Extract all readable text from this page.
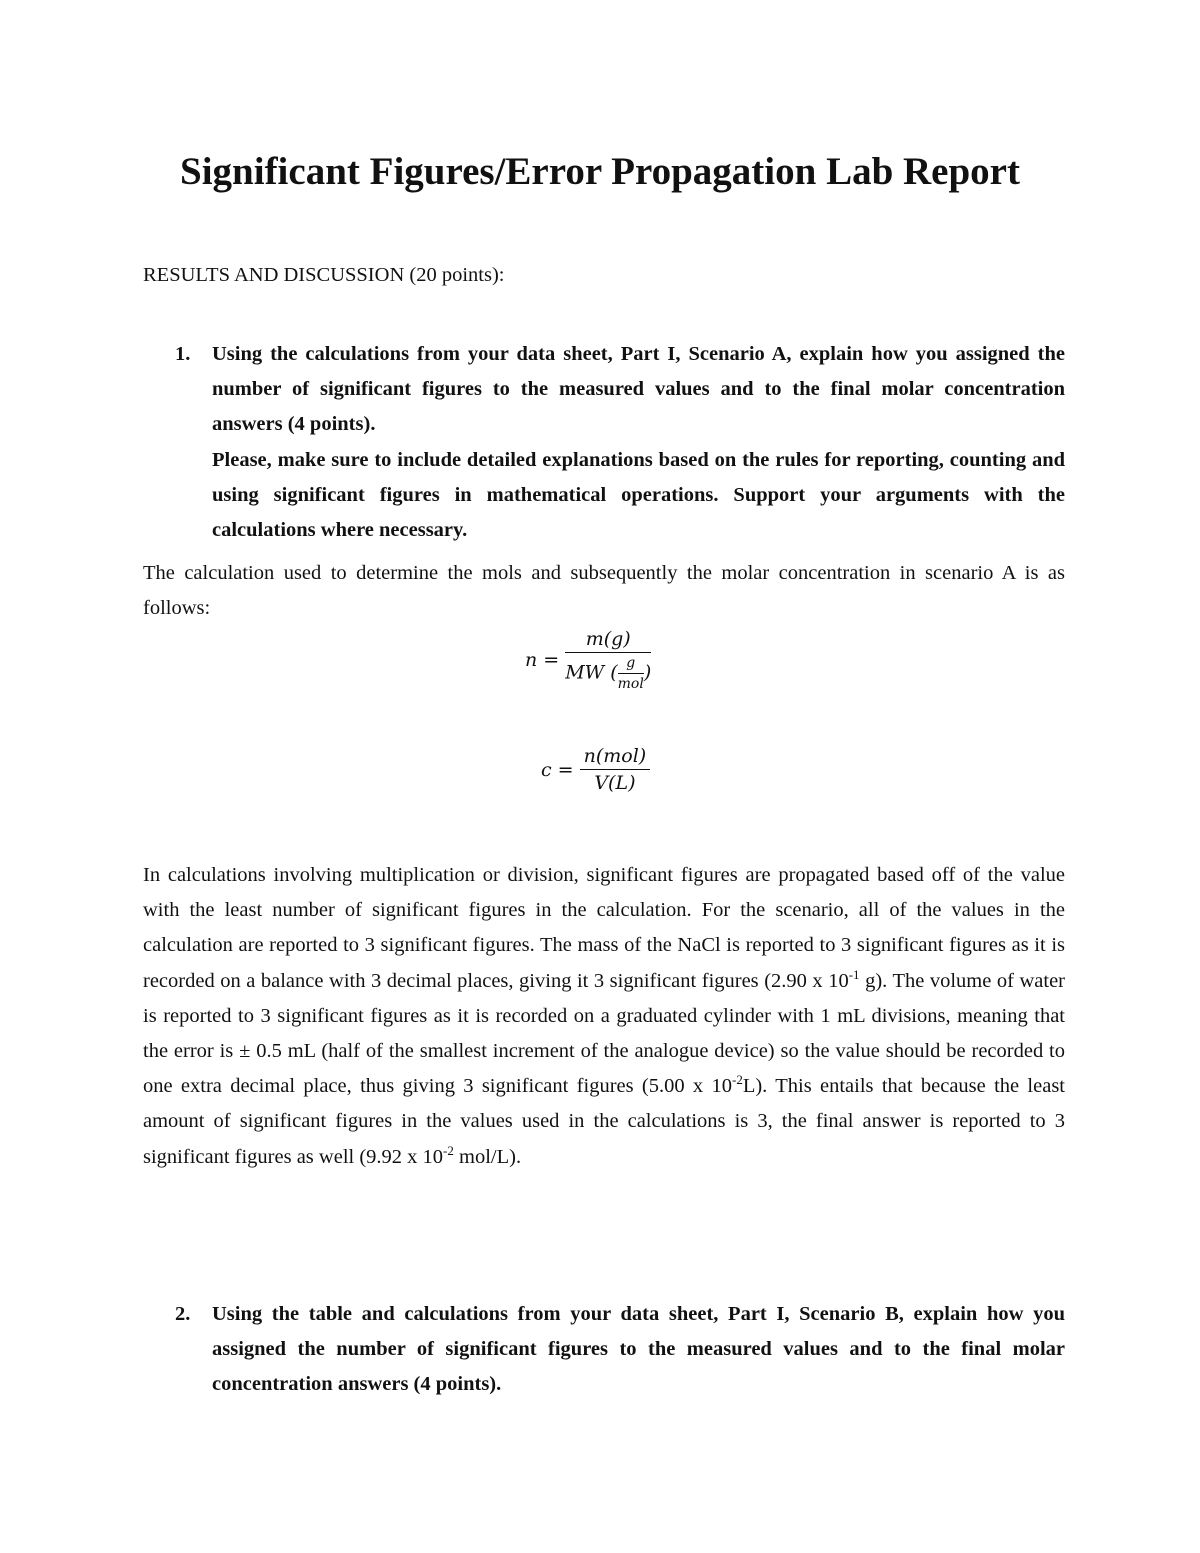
Significant Figures/Error Propagation Lab Report
RESULTS AND DISCUSSION (20 points):
1. Using the calculations from your data sheet, Part I, Scenario A, explain how you assigned the number of significant figures to the measured values and to the final molar concentration answers (4 points).

Please, make sure to include detailed explanations based on the rules for reporting, counting and using significant figures in mathematical operations. Support your arguments with the calculations where necessary.

The calculation used to determine the mols and subsequently the molar concentration in scenario A is as follows:

$n = \frac{m(g)}{MW ( \frac{g}{\text{mol}} )}$
$c = \frac{\text{n(mol)}}{V(L)}$

In calculations involving multiplication or division, significant figures are propagated based off of the value with the least number of significant figures in the calculation. For the scenario, all of the values in the calculation are reported to 3 significant figures. The mass of the NaCl is reported to 3 significant figures as it is recorded on a balance with 3 decimal places, giving it 3 significant figures (2.90 x $10^{-1}$ g). The volume of water is reported to 3 significant figures as it is recorded on a graduated cylinder with 1 mL divisions, meaning that the error is ± 0.5 mL (half of the smallest increment of the analogue device) so the value should be recorded to one extra decimal place, thus giving 3 significant figures (5.00 x $10^{-2}L$). This entails that because the least amount of significant figures in the values used in the calculations is 3, the final answer is reported to 3 significant figures as well (9.92 x $10^{-2}$ mol/L).

2. Using the table and calculations from your data sheet, Part I, Scenario B, explain how you assigned the number of significant figures to the measured values and to the final molar concentration answers (4 points).
